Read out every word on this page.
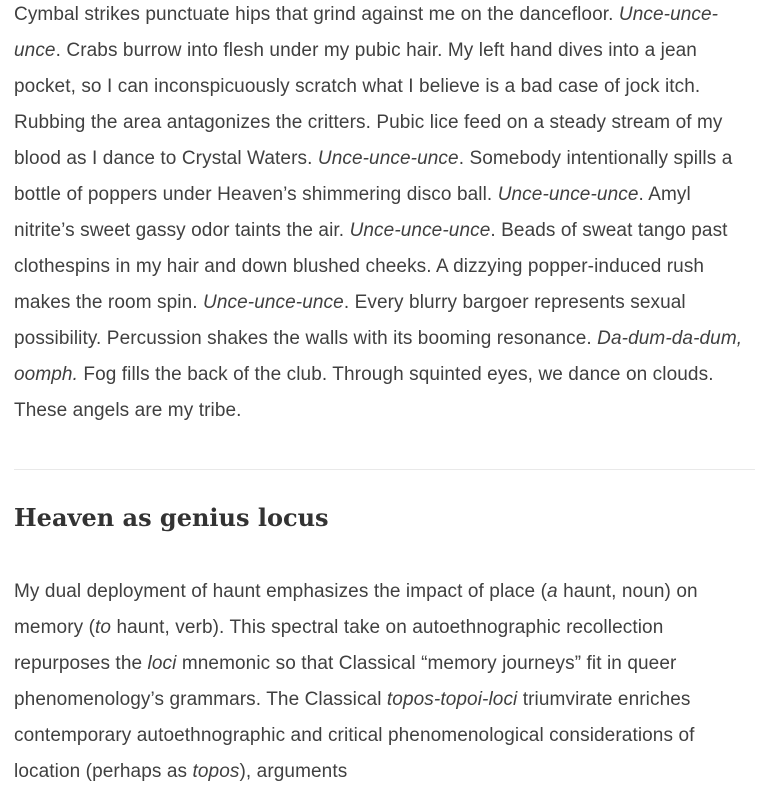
Cymbal strikes punctuate hips that grind against me on the dancefloor. Unce-unce-unce. Crabs burrow into flesh under my pubic hair. My left hand dives into a jean pocket, so I can inconspicuously scratch what I believe is a bad case of jock itch. Rubbing the area antagonizes the critters. Pubic lice feed on a steady stream of my blood as I dance to Crystal Waters. Unce-unce-unce. Somebody intentionally spills a bottle of poppers under Heaven’s shimmering disco ball. Unce-unce-unce. Amyl nitrite’s sweet gassy odor taints the air. Unce-unce-unce. Beads of sweat tango past clothespins in my hair and down blushed cheeks. A dizzying popper-induced rush makes the room spin. Unce-unce-unce. Every blurry bargoer represents sexual possibility. Percussion shakes the walls with its booming resonance. Da-dum-da-dum, oomph. Fog fills the back of the club. Through squinted eyes, we dance on clouds. These angels are my tribe.

Heaven as genius locus

My dual deployment of haunt emphasizes the impact of place (a haunt, noun) on memory (to haunt, verb). This spectral take on autoethnographic recollection repurposes the loci mnemonic so that Classical “memory journeys” fit in queer phenomenology’s grammars. The Classical topos-topoi-loci triumvirate enriches contemporary autoethnographic and critical phenomenological considerations of location (perhaps as topos), arguments
